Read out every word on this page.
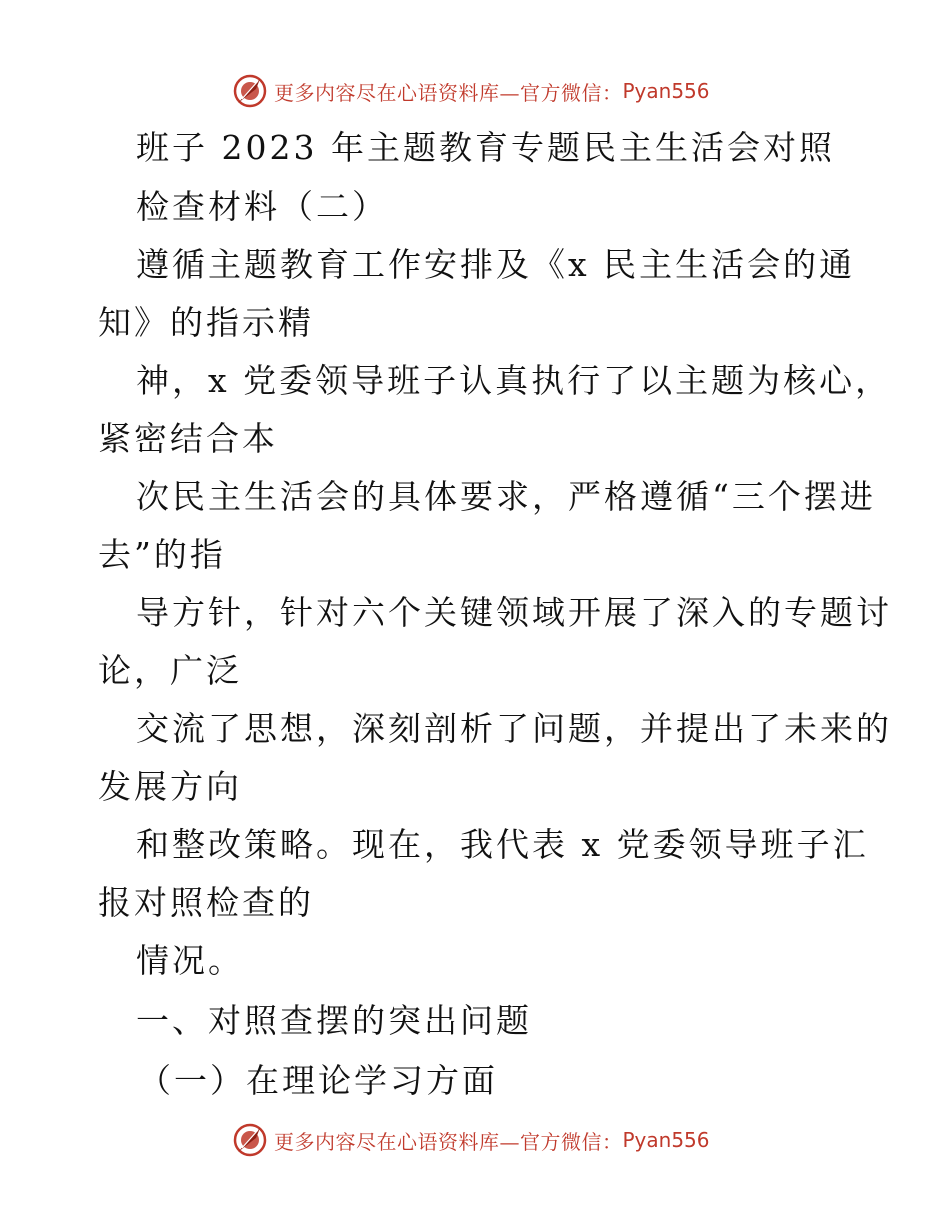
更多内容尽在心语资料库—官方微信： Pyan556
班子 2023 年主题教育专题民主生活会对照
检查材料（二）
遵循主题教育工作安排及《x 民主生活会的通
知》的指示精
神，x 党委领导班子认真执行了以主题为核心，
紧密结合本
次民主生活会的具体要求，严格遵循“三个摆进
去”的指
导方针，针对六个关键领域开展了深入的专题讨
论，广泛
交流了思想，深刻剖析了问题，并提出了未来的
发展方向
和整改策略。现在，我代表 x 党委领导班子汇
报对照检查的
情况。
一、对照查摆的突出问题
（一）在理论学习方面
更多内容尽在心语资料库—官方微信： Pyan556
